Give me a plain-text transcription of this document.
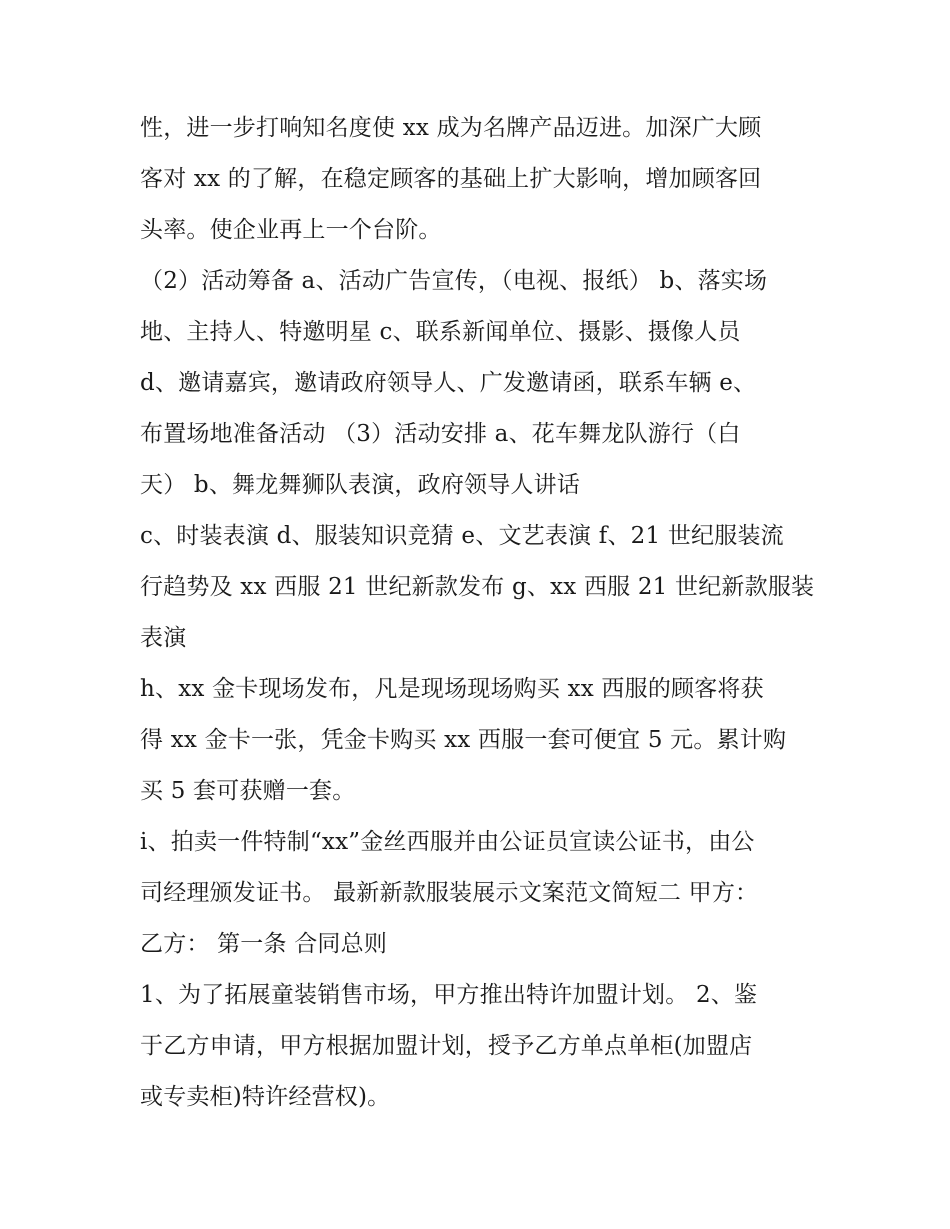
性，进一步打响知名度使 xx 成为名牌产品迈进。加深广大顾
客对 xx 的了解，在稳定顾客的基础上扩大影响，增加顾客回
头率。使企业再上一个台阶。
（2）活动筹备 a、活动广告宣传，（电视、报纸） b、落实场
地、主持人、特邀明星 c、联系新闻单位、摄影、摄像人员
d、邀请嘉宾，邀请政府领导人、广发邀请函，联系车辆 e、
布置场地准备活动 （3）活动安排 a、花车舞龙队游行（白
天） b、舞龙舞狮队表演，政府领导人讲话
c、时装表演 d、服装知识竞猜 e、文艺表演 f、21 世纪服装流
行趋势及 xx 西服 21 世纪新款发布 g、xx 西服 21 世纪新款服装
表演
h、xx 金卡现场发布，凡是现场现场购买 xx 西服的顾客将获
得 xx 金卡一张，凭金卡购买 xx 西服一套可便宜 5 元。累计购
买 5 套可获赠一套。
i、拍卖一件特制“xx”金丝西服并由公证员宣读公证书，由公
司经理颁发证书。 最新新款服装展示文案范文简短二 甲方：
乙方： 第一条 合同总则
1、为了拓展童装销售市场，甲方推出特许加盟计划。 2、鉴
于乙方申请，甲方根据加盟计划，授予乙方单点单柜(加盟店
或专卖柜)特许经营权)。
